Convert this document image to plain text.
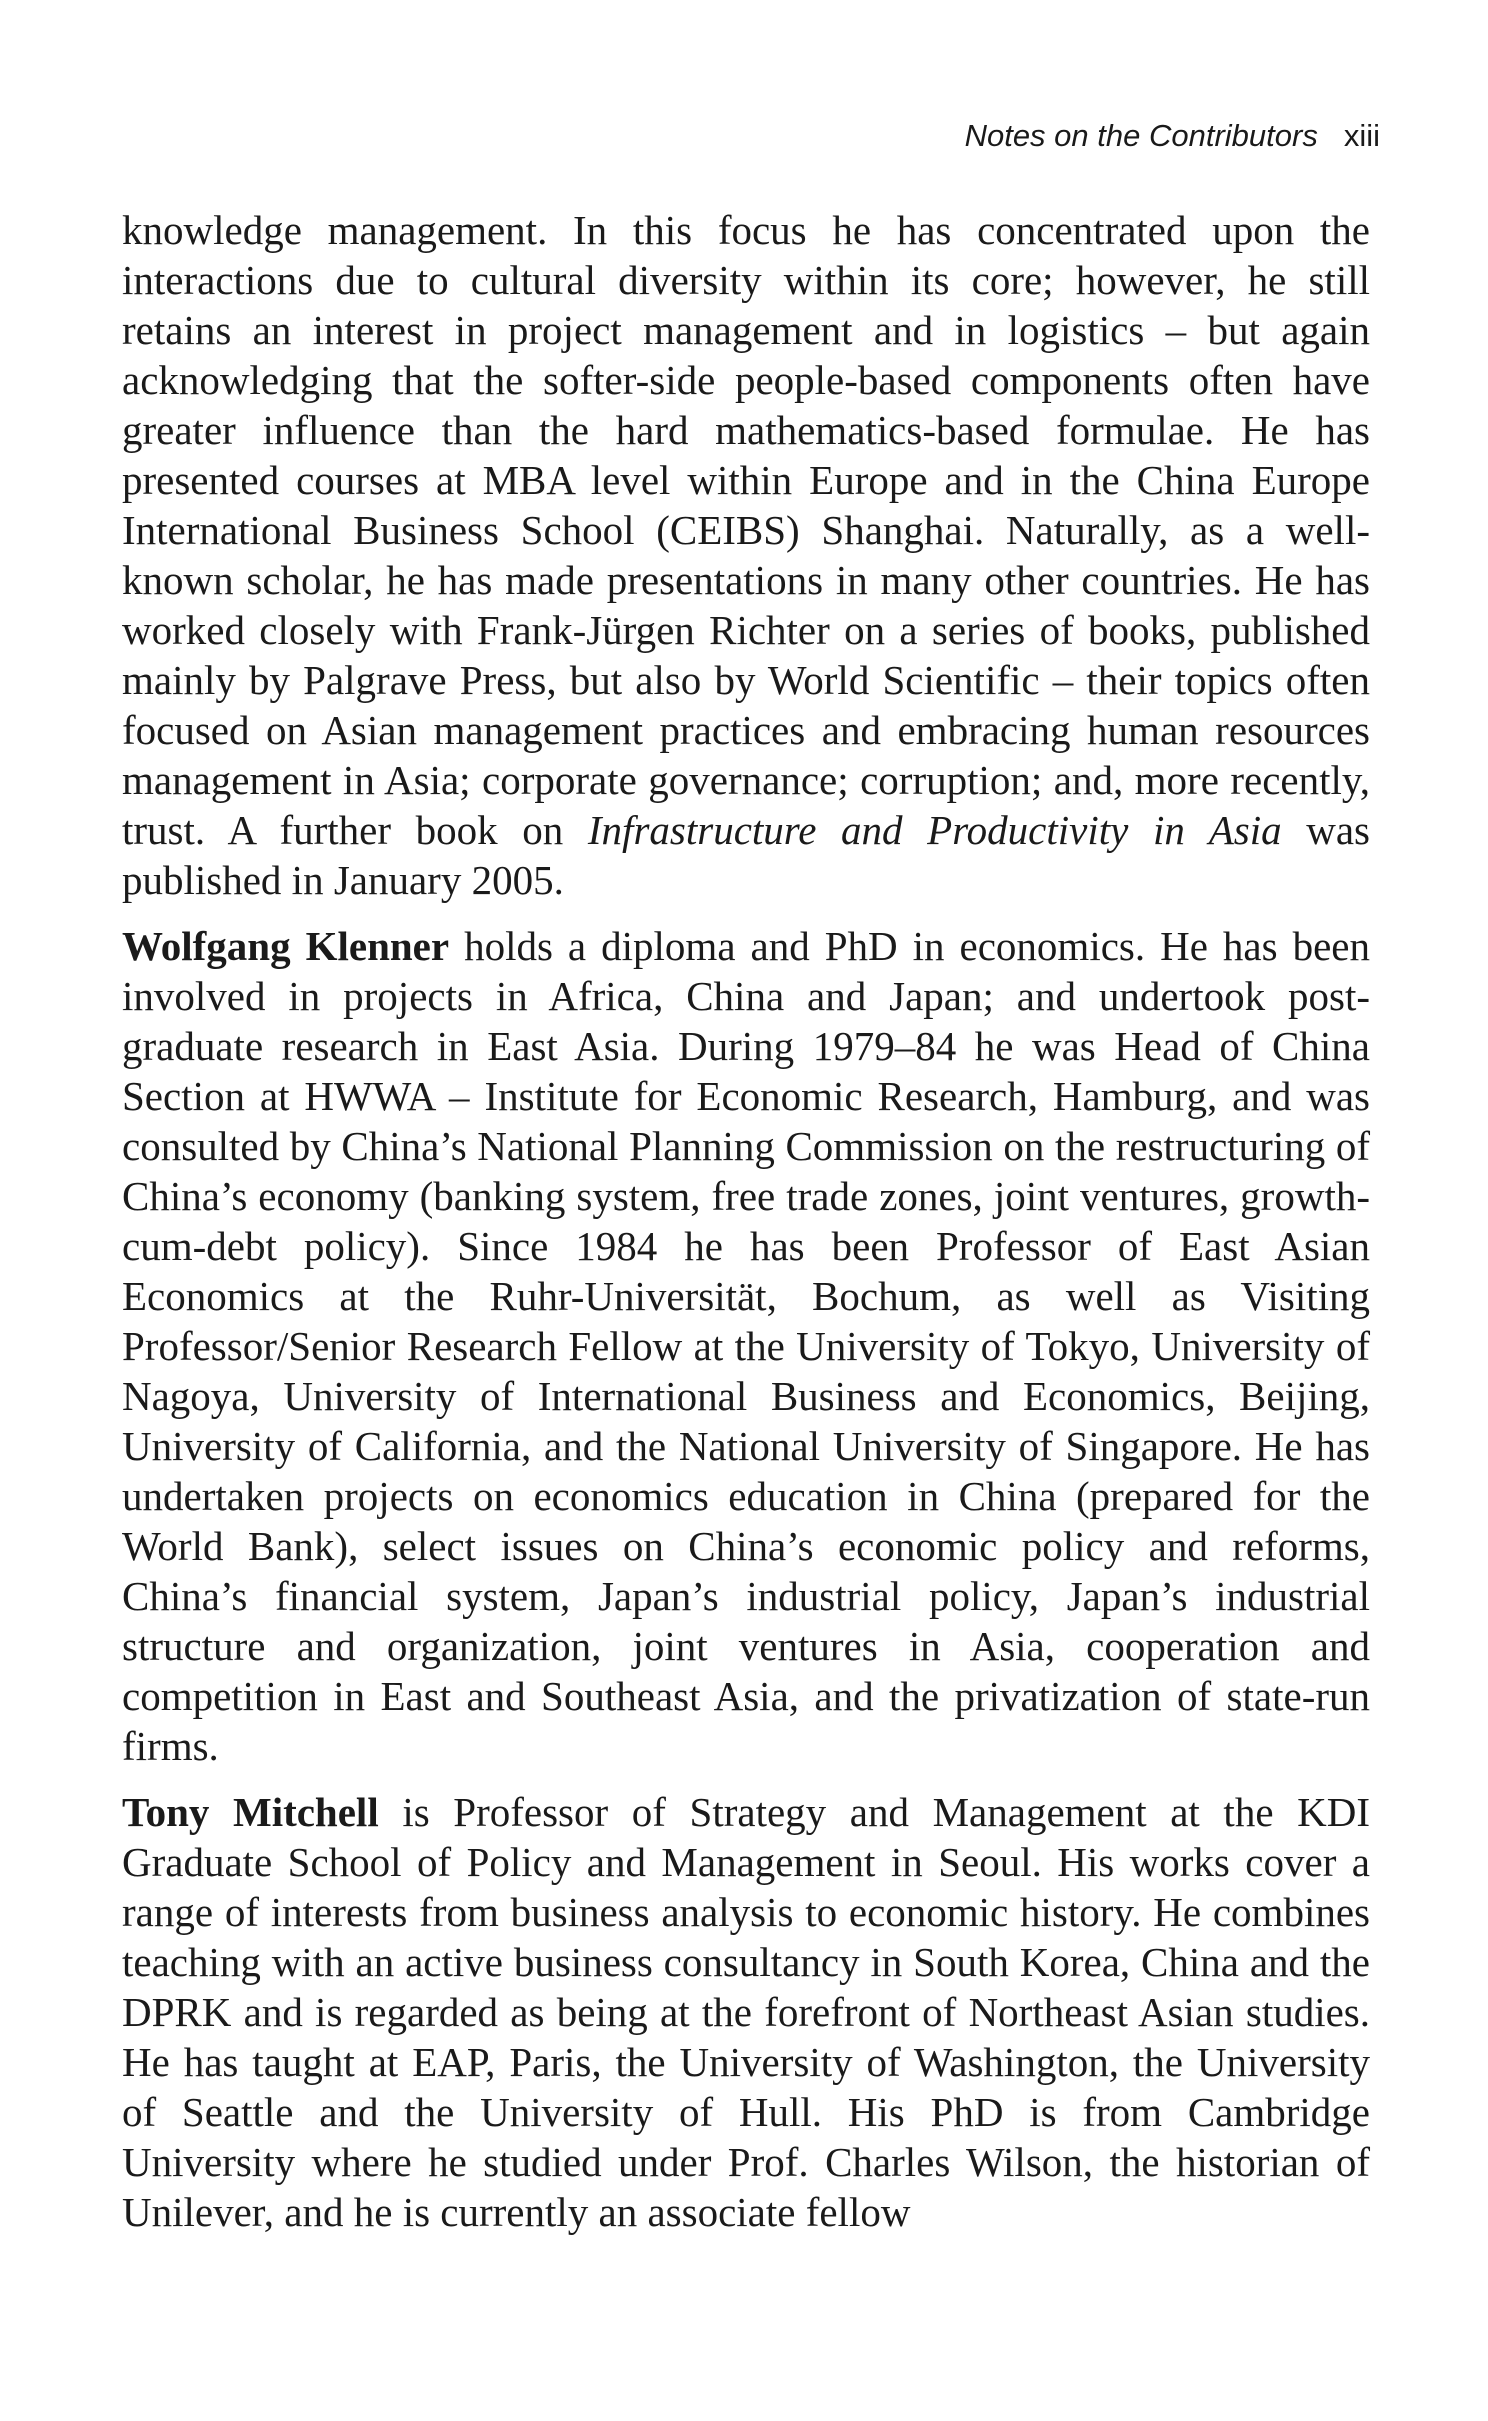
Notes on the Contributors xiii

knowledge management. In this focus he has concentrated upon the interactions due to cultural diversity within its core; however, he still retains an interest in project management and in logistics – but again acknowledging that the softer-side people-based components often have greater influence than the hard mathematics-based formulae. He has presented courses at MBA level within Europe and in the China Europe International Business School (CEIBS) Shanghai. Naturally, as a well-known scholar, he has made presentations in many other countries. He has worked closely with Frank-Jürgen Richter on a series of books, published mainly by Palgrave Press, but also by World Scientific – their topics often focused on Asian management practices and embracing human resources management in Asia; corporate governance; corruption; and, more recently, trust. A further book on Infrastructure and Productivity in Asia was published in January 2005.

Wolfgang Klenner holds a diploma and PhD in economics. He has been involved in projects in Africa, China and Japan; and undertook post-graduate research in East Asia. During 1979–84 he was Head of China Section at HWWA – Institute for Economic Research, Hamburg, and was consulted by China’s National Planning Commission on the restructuring of China’s economy (banking system, free trade zones, joint ventures, growth-cum-debt policy). Since 1984 he has been Professor of East Asian Economics at the Ruhr-Universität, Bochum, as well as Visiting Professor/Senior Research Fellow at the University of Tokyo, University of Nagoya, University of International Business and Economics, Beijing, University of California, and the National University of Singapore. He has undertaken projects on economics education in China (prepared for the World Bank), select issues on China’s economic policy and reforms, China’s financial system, Japan’s industrial policy, Japan’s industrial structure and organization, joint ventures in Asia, cooperation and competition in East and Southeast Asia, and the privatization of state-run firms.

Tony Mitchell is Professor of Strategy and Management at the KDI Graduate School of Policy and Management in Seoul. His works cover a range of interests from business analysis to economic history. He combines teaching with an active business consultancy in South Korea, China and the DPRK and is regarded as being at the forefront of Northeast Asian studies. He has taught at EAP, Paris, the University of Washington, the University of Seattle and the University of Hull. His PhD is from Cambridge University where he studied under Prof. Charles Wilson, the historian of Unilever, and he is currently an associate fellow
